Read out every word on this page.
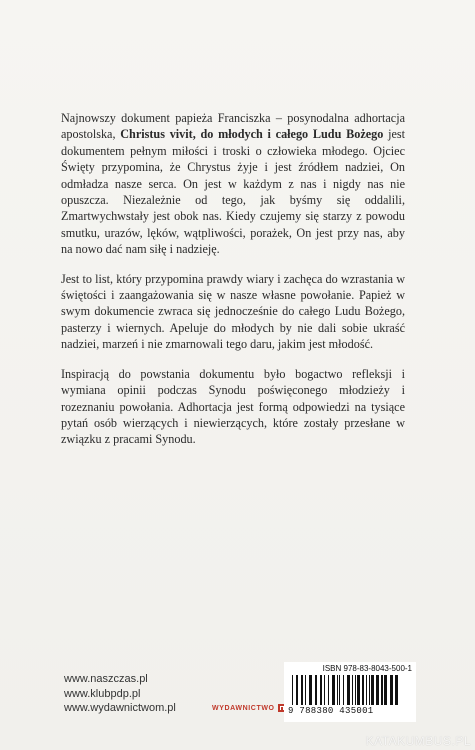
Najnowszy dokument papieża Franciszka – posynodalna adhortacja apostolska, Christus vivit, do młodych i całego Ludu Bożego jest dokumentem pełnym miłości i troski o człowieka młodego. Ojciec Święty przypomina, że Chrystus żyje i jest źródłem nadziei, On odmładza nasze serca. On jest w każdym z nas i nigdy nas nie opuszcza. Niezależnie od tego, jak byśmy się oddalili, Zmartwychwstały jest obok nas. Kiedy czujemy się starzy z powodu smutku, urazów, lęków, wątpliwości, porażek, On jest przy nas, aby na nowo dać nam siłę i nadzieję.

Jest to list, który przypomina prawdy wiary i zachęca do wzrastania w świętości i zaangażowania się w nasze własne powołanie. Papież w swym dokumencie zwraca się jednocześnie do całego Ludu Bożego, pasterzy i wiernych. Apeluje do młodych by nie dali sobie ukraść nadziei, marzeń i nie zmarnowali tego daru, jakim jest młodość.

Inspiracją do powstania dokumentu było bogactwo refleksji i wymiana opinii podczas Synodu poświęconego młodzieży i rozeznaniu powołania. Adhortacja jest formą odpowiedzi na tysiące pytań osób wierzących i niewierzących, które zostały przesłane w związku z pracami Synodu.

www.naszczas.pl
www.klubpdp.pl
www.wydawnictwom.pl	WYDAWNICTWO
ISBN 978-83-8043-500-1
9 788380 435001
KATAKUMBUS.PL
